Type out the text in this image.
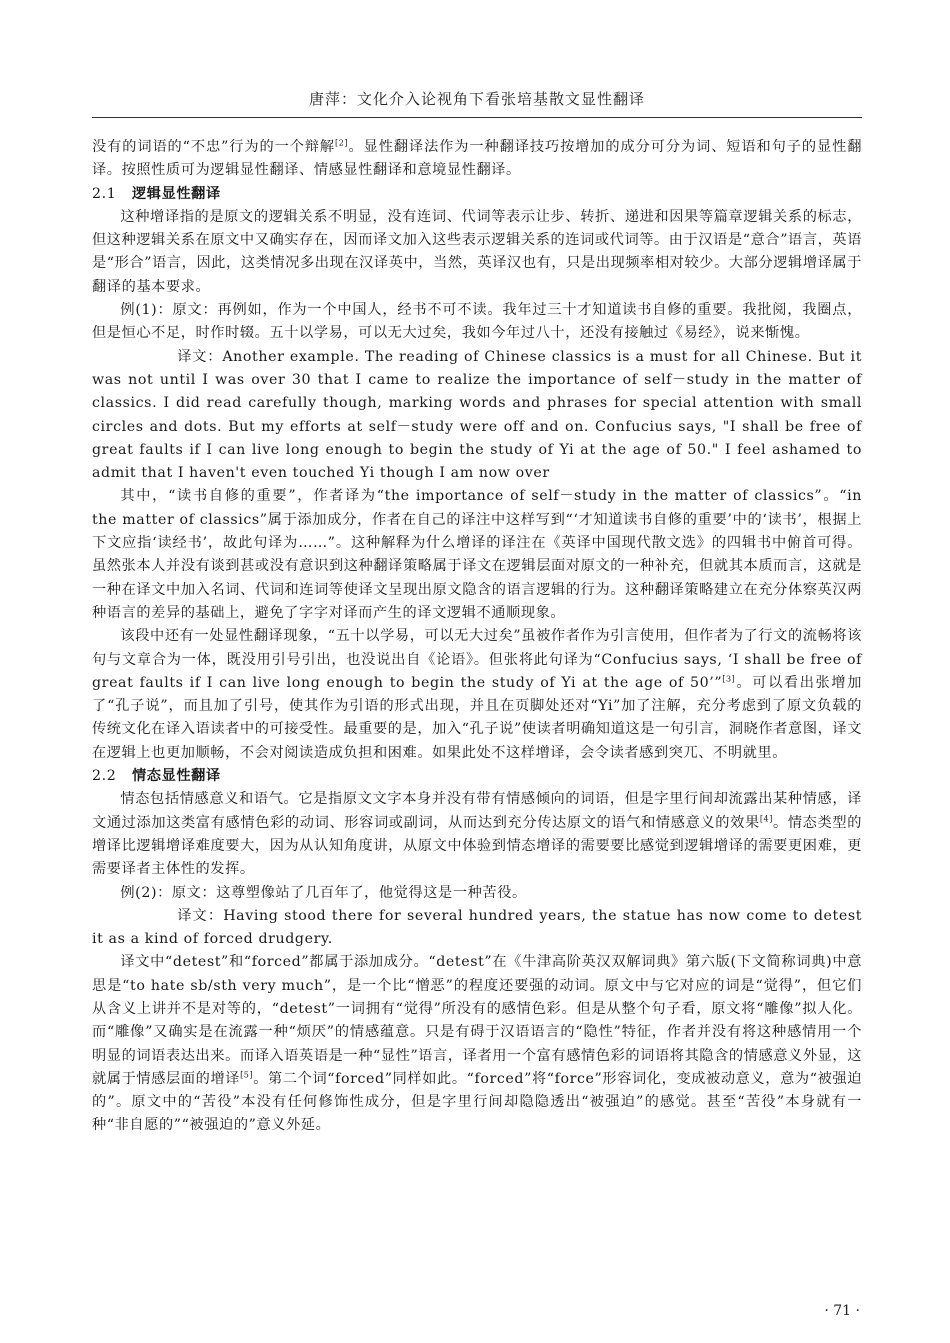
唐萍：文化介入论视角下看张培基散文显性翻译

没有的词语的“不忠”行为的一个辩解[2]。显性翻译法作为一种翻译技巧按增加的成分可分为词、短语和句子的显性翻译。按照性质可为逻辑显性翻译、情感显性翻译和意境显性翻译。

2.1 逻辑显性翻译

这种增译指的是原文的逻辑关系不明显，没有连词、代词等表示让步、转折、递进和因果等篇章逻辑关系的标志，但这种逻辑关系在原文中又确实存在，因而译文加入这些表示逻辑关系的连词或代词等。由于汉语是“意合”语言，英语是“形合”语言，因此，这类情况多出现在汉译英中，当然，英译汉也有，只是出现频率相对较少。大部分逻辑增译属于翻译的基本要求。

例(1)：原文：再例如，作为一个中国人，经书不可不读。我年过三十才知道读书自修的重要。我批阅，我圈点，但是恒心不足，时作时辍。五十以学易，可以无大过矣，我如今年过八十，还没有接触过《易经》，说来惭愧。

译文：Another example. The reading of Chinese classics is a must for all Chinese. But it was not until I was over 30 that I came to realize the importance of self－study in the matter of classics. I did read carefully though, marking words and phrases for special attention with small circles and dots. But my efforts at self－study were off and on. Confucius says, "I shall be free of great faults if I can live long enough to begin the study of Yi at the age of 50." I feel ashamed to admit that I haven't even touched Yi though I am now over

其中，“读书自修的重要”，作者译为“the importance of self－study in the matter of classics”。“in the matter of classics”属于添加成分，作者在自己的译注中这样写到“‘才知道读书自修的重要’中的‘读书’，根据上下文应指‘读经书’，故此句译为……”。这种解释为什么增译的译注在《英译中国现代散文选》的四辑书中俯首可得。虽然张本人并没有谈到甚或没有意识到这种翻译策略属于译文在逻辑层面对原文的一种补充，但就其本质而言，这就是一种在译文中加入名词、代词和连词等使译文呈现出原文隐含的语言逻辑的行为。这种翻译策略建立在充分体察英汉两种语言的差异的基础上，避免了字字对译而产生的译文逻辑不通顺现象。

该段中还有一处显性翻译现象，“五十以学易，可以无大过矣”虽被作者作为引言使用，但作者为了行文的流畅将该句与文章合为一体，既没用引号引出，也没说出自《论语》。但张将此句译为“Confucius says, ‘I shall be free of great faults if I can live long enough to begin the study of Yi at the age of 50’”[3]。可以看出张增加了“孔子说”，而且加了引号，使其作为引语的形式出现，并且在页脚处还对“Yi”加了注解，充分考虑到了原文负载的传统文化在译入语读者中的可接受性。最重要的是，加入“孔子说”使读者明确知道这是一句引言，洞晓作者意图，译文在逻辑上也更加顺畅，不会对阅读造成负担和困难。如果此处不这样增译，会令读者感到突兀、不明就里。

2.2 情态显性翻译

情态包括情感意义和语气。它是指原文文字本身并没有带有情感倾向的词语，但是字里行间却流露出某种情感，译文通过添加这类富有感情色彩的动词、形容词或副词，从而达到充分传达原文的语气和情感意义的效果[4]。情态类型的增译比逻辑增译难度要大，因为从认知角度讲，从原文中体验到情态增译的需要要比感觉到逻辑增译的需要更困难，更需要译者主体性的发挥。

例(2)：原文：这尊塑像站了几百年了，他觉得这是一种苦役。

译文：Having stood there for several hundred years, the statue has now come to detest it as a kind of forced drudgery.

译文中“detest”和“forced”都属于添加成分。“detest”在《牛津高阶英汉双解词典》第六版(下文简称词典)中意思是“to hate sb/sth very much”，是一个比“憎恶”的程度还要强的动词。原文中与它对应的词是“觉得”，但它们从含义上讲并不是对等的，“detest”一词拥有“觉得”所没有的感情色彩。但是从整个句子看，原文将“雕像”拟人化。而“雕像”又确实是在流露一种“烦厌”的情感蕴意。只是有碍于汉语语言的“隐性”特征，作者并没有将这种感情用一个明显的词语表达出来。而译入语英语是一种“显性”语言，译者用一个富有感情色彩的词语将其隐含的情感意义外显，这就属于情感层面的增译[5]。第二个词“forced”同样如此。“forced”将“force”形容词化，变成被动意义，意为“被强迫的”。原文中的“苦役”本没有任何修饰性成分，但是字里行间却隐隐透出“被强迫”的感觉。甚至“苦役”本身就有一种“非自愿的”“被强迫的”意义外延。

· 71 ·
